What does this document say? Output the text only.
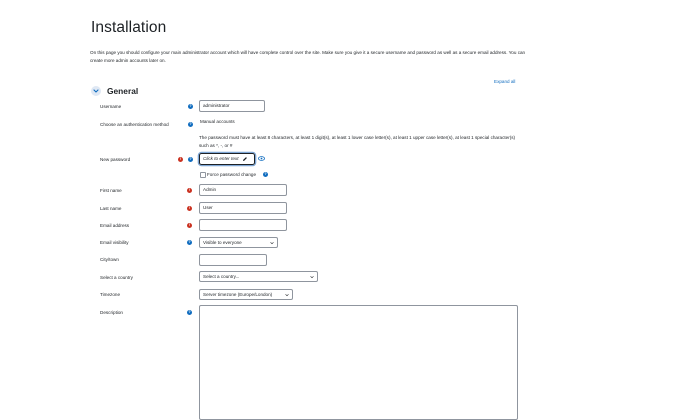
Installation
On this page you should configure your main administrator account which will have complete control over the site. Make sure you give it a secure username and password as well as a secure email address. You can create more admin accounts later on.
Expand all
General
Username	?	administrator
Choose an authentication method	?	Manual accounts
The password must have at least 8 characters, at least 1 digit(s), at least 1 lower case letter(s), at least 1 upper case letter(s), at least 1 special character(s) such as *, -, or #
New password	!	?	Click to enter text
Force password change	?
First name	!	Admin
Last name	!	User
Email address	!
Email visibility	?	Visible to everyone
City/town
Select a country	Select a country...
Timezone	Server timezone (Europe/London)
Description	?
